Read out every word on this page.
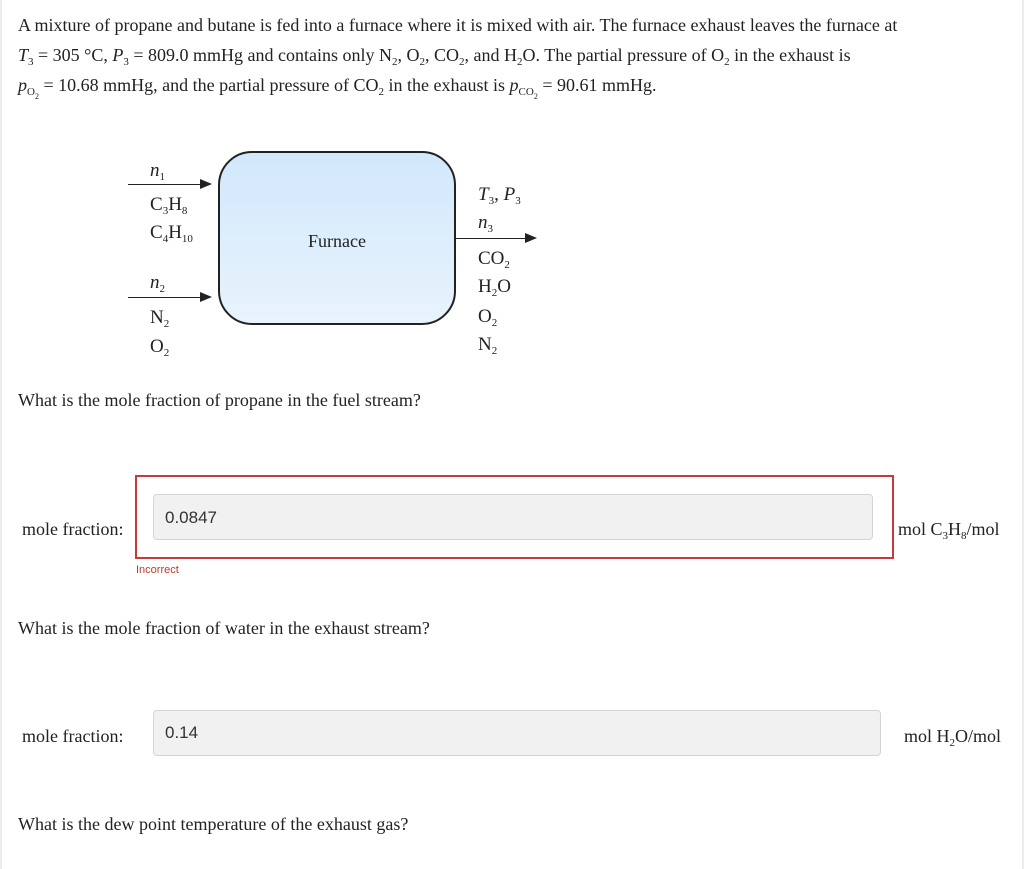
A mixture of propane and butane is fed into a furnace where it is mixed with air. The furnace exhaust leaves the furnace at

$T_3 = 305$ °C, $P_3 = 809.0$ mmHg and contains only $N_2$, $O_2$, $CO_2$, and $H_2O$. The partial pressure of $O_2$ in the exhaust is

$p_{O_2} = 10.68$ mmHg, and the partial pressure of $CO_2$ in the exhaust is $p_{CO_2} = 90.61$ mmHg.

Furnace
$n_1$
$C_3H_8$
$C_4H_{10}$
$n_2$
$N_2$
$O_2$
$T_3$, $P_3$
$n_3$
$CO_2$
$H_2O$
$O_2$
$N_2$
What is the mole fraction of propane in the fuel stream?
mole fraction:
0.0847
mol $C_3H_8$/mol
Incorrect
What is the mole fraction of water in the exhaust stream?
mole fraction:	0.14	mol $H_2O$/mol
What is the dew point temperature of the exhaust gas?
